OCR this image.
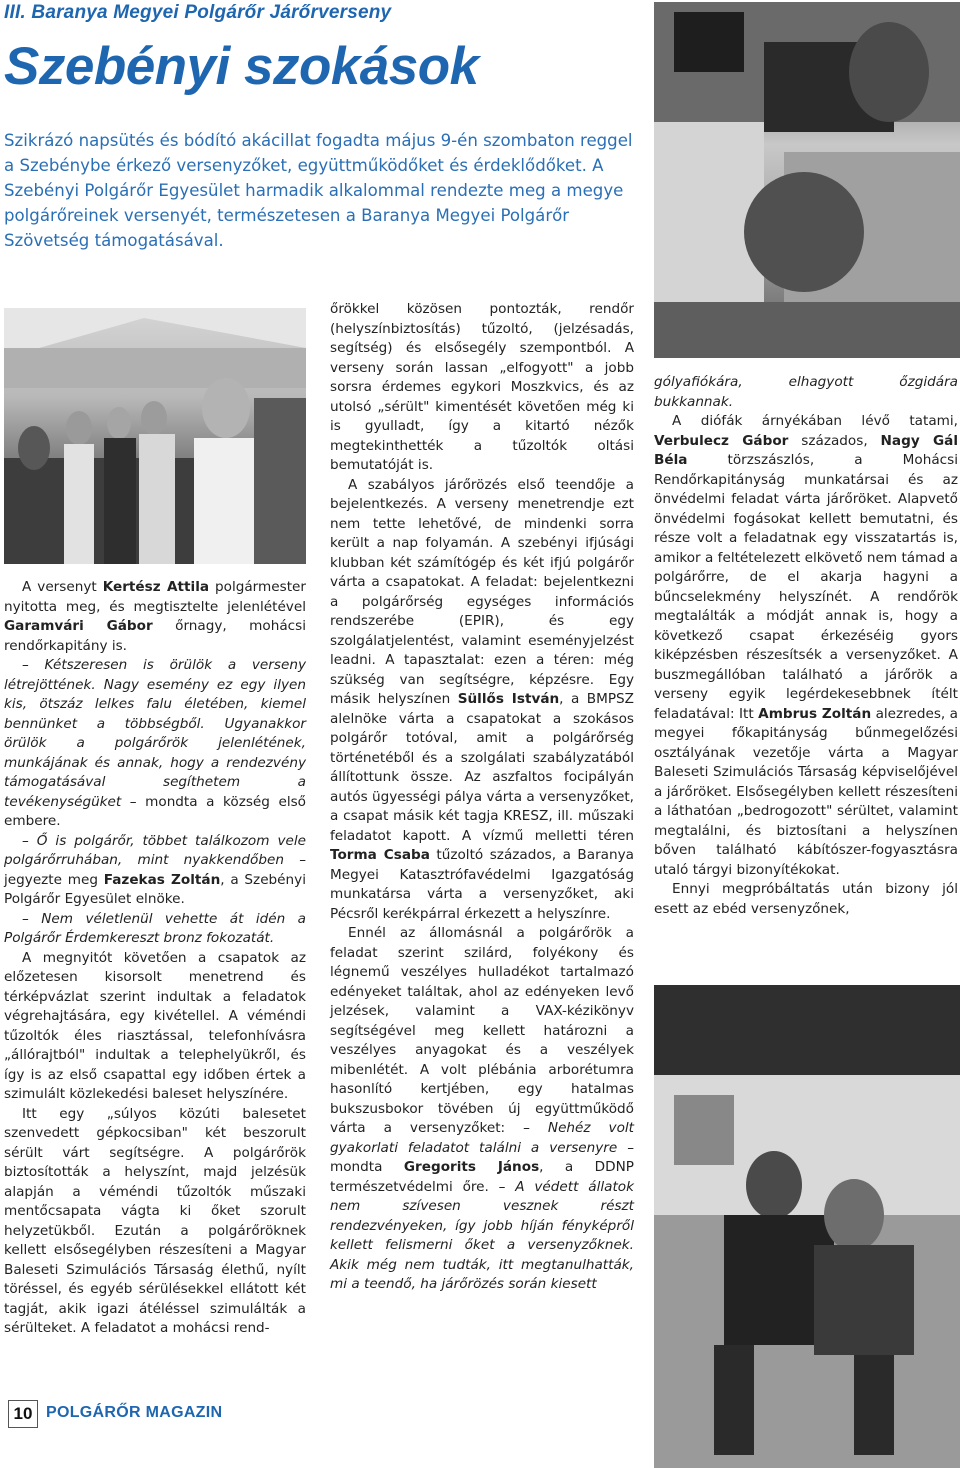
III. Baranya Megyei Polgárőr Járőrverseny
Szebényi szokások

Szikrázó napsütés és bódító akácillat fogadta május 9-én szombaton reggel a Szebénybe érkező versenyzőket, együttműködőket és érdeklődőket. A Szebényi Polgárőr Egyesület harmadik alkalommal rendezte meg a megye polgárőreinek versenyét, természetesen a Baranya Megyei Polgárőr Szövetség támogatásával.

A versenyt Kertész Attila polgármester nyitotta meg, és megtisztelte jelenlétével Garamvári Gábor őrnagy, mohácsi rendőrkapitány is.

– Kétszeresen is örülök a verseny létrejöttének. Nagy esemény ez egy ilyen kis, ötszáz lelkes falu életében, kiemel bennünket a többségből. Ugyanakkor örülök a polgárőrök jelenlétének, munkájának és annak, hogy a rendezvény támogatásával segíthetem a tevékenységüket – mondta a község első embere.

– Ő is polgárőr, többet találkozom vele polgárőrruhában, mint nyakkendőben – jegyezte meg Fazekas Zoltán, a Szebényi Polgárőr Egyesület elnöke.

– Nem véletlenül vehette át idén a Polgárőr Érdemkereszt bronz fokozatát.

A megnyitót követően a csapatok az előzetesen kisorsolt menetrend és térképvázlat szerint indultak a feladatok végrehajtására, egy kivétellel. A véméndi tűzoltók éles riasztással, telefonhívásra „állórajtból" indultak a telephelyükről, és így is az első csapattal egy időben értek a szimulált közlekedési baleset helyszínére.

Itt egy „súlyos közúti balesetet szenvedett gépkocsiban" két beszorult sérült várt segítségre. A polgárőrök biztosították a helyszínt, majd jelzésük alapján a véméndi tűzoltók műszaki mentőcsapata vágta ki őket szorult helyzetükből. Ezután a polgárőröknek kellett elsősegélyben részesíteni a Magyar Baleseti Szimulációs Társaság élethű, nyílt töréssel, és egyéb sérülésekkel ellátott két tagját, akik igazi átéléssel szimulálták a sérülteket. A feladatot a mohácsi rend-

őrökkel közösen pontozták, rendőr (helyszínbiztosítás) tűzoltó, (jelzésadás, segítség) és elsősegély szempontból. A verseny során lassan „elfogyott" a jobb sorsra érdemes egykori Moszkvics, és az utolsó „sérült" kimentését követően még ki is gyulladt, így a kitartó nézők megtekinthették a tűzoltók oltási bemutatóját is.

A szabályos járőrözés első teendője a bejelentkezés. A verseny menetrendje ezt nem tette lehetővé, de mindenki sorra került a nap folyamán. A szebényi ifjúsági klubban két számítógép és két ifjú polgárőr várta a csapatokat. A feladat: bejelentkezni a polgárőrség egységes információs rendszerébe (EPIR), és egy szolgálatjelentést, valamint eseményjelzést leadni. A tapasztalat: ezen a téren: még szükség van segítségre, képzésre. Egy másik helyszínen Süllős István, a BMPSZ alelnöke várta a csapatokat a szokásos polgárőr totóval, amit a polgárőrség történetéből és a szolgálati szabályzatából állítottunk össze. Az aszfaltos focipályán autós ügyességi pálya várta a versenyzőket, a csapat másik két tagja KRESZ, ill. műszaki feladatot kapott. A vízmű melletti téren Torma Csaba tűzoltó százados, a Baranya Megyei Katasztrófavédelmi Igazgatóság munkatársa várta a versenyzőket, aki Pécsről kerékpárral érkezett a helyszínre.

Ennél az állomásnál a polgárőrök a feladat szerint szilárd, folyékony és légnemű veszélyes hulladékot tartalmazó edényeket találtak, ahol az edényeken levő jelzések, valamint a VAX-kézikönyv segítségével meg kellett határozni a veszélyes anyagokat és a veszélyek mibenlétét. A volt plébánia arborétumra hasonlító kertjében, egy hatalmas bukszusbokor tövében új együttműködő várta a versenyzőket: – Nehéz volt gyakorlati feladatot találni a versenyre – mondta Gregorits János, a DDNP természetvédelmi őre. – A védett állatok nem szívesen vesznek részt rendezvényeken, így jobb híján fényképről kellett felismerni őket a versenyzőknek. Akik még nem tudták, itt megtanulhatták, mi a teendő, ha járőrözés során kiesett

gólyafiókára, elhagyott őzgidára bukkannak.

A diófák árnyékában lévő tatami, Verbulecz Gábor százados, Nagy Gál Béla törzszászlós, a Mohácsi Rendőrkapitányság munkatársai és az önvédelmi feladat várta járőröket. Alapvető önvédelmi fogásokat kellett bemutatni, és része volt a feladatnak egy visszatartás is, amikor a feltételezett elkövető nem támad a polgárőrre, de el akarja hagyni a bűncselekmény helyszínét. A rendőrök megtalálták a módját annak is, hogy a következő csapat érkezéséig gyors kiképzésben részesítsék a versenyzőket. A buszmegállóban található a járőrök a verseny egyik legérdekesebbnek ítélt feladatával: Itt Ambrus Zoltán alezredes, a megyei főkapitányság bűnmegelőzési osztályának vezetője várta a Magyar Baleseti Szimulációs Társaság képviselőjével a járőröket. Elsősegélyben kellett részesíteni a láthatóan „bedrogozott" sérültet, valamint megtalálni, és biztosítani a helyszínen bőven található kábítószer-fogyasztásra utaló tárgyi bizonyítékokat.

Ennyi megpróbáltatás után bizony jól esett az ebéd versenyzőnek,

10 POLGÁRŐR MAGAZIN
